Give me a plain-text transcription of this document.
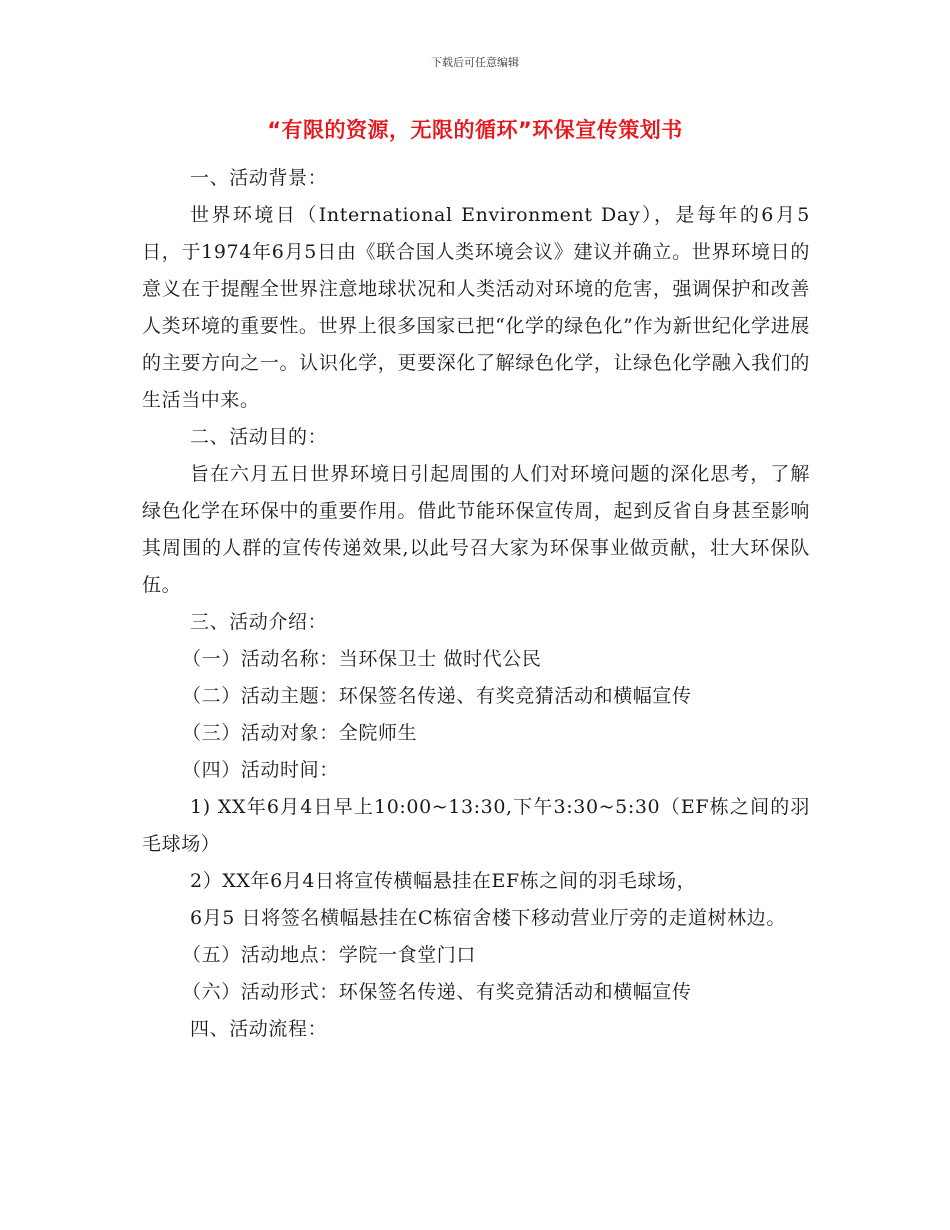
下载后可任意编辑
“有限的资源，无限的循环”环保宣传策划书

一、活动背景：

世界环境日（International Environment Day），是每年的6月5日，于1974年6月5日由《联合国人类环境会议》建议并确立。世界环境日的意义在于提醒全世界注意地球状况和人类活动对环境的危害，强调保护和改善人类环境的重要性。世界上很多国家已把“化学的绿色化”作为新世纪化学进展的主要方向之一。认识化学，更要深化了解绿色化学，让绿色化学融入我们的生活当中来。

二、活动目的：

旨在六月五日世界环境日引起周围的人们对环境问题的深化思考，了解绿色化学在环保中的重要作用。借此节能环保宣传周，起到反省自身甚至影响其周围的人群的宣传传递效果,以此号召大家为环保事业做贡献，壮大环保队伍。

三、活动介绍：

（一）活动名称：当环保卫士 做时代公民

（二）活动主题：环保签名传递、有奖竞猜活动和横幅宣传

（三）活动对象：全院师生

（四）活动时间：

1) XX年6月4日早上10:00~13:30,下午3:30~5:30（EF栋之间的羽毛球场）

2）XX年6月4日将宣传横幅悬挂在EF栋之间的羽毛球场，

6月5 日将签名横幅悬挂在C栋宿舍楼下移动营业厅旁的走道树林边。

（五）活动地点：学院一食堂门口

（六）活动形式：环保签名传递、有奖竞猜活动和横幅宣传

四、活动流程：
